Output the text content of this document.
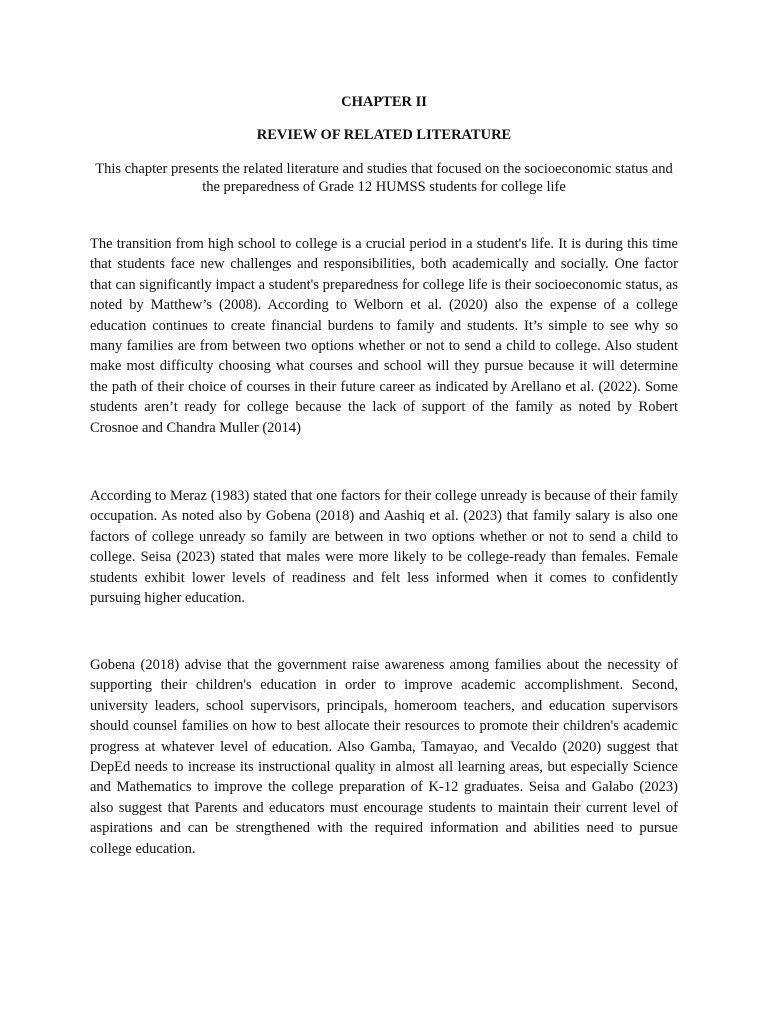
CHAPTER II
REVIEW OF RELATED LITERATURE
This chapter presents the related literature and studies that focused on the socioeconomic status and the preparedness of Grade 12 HUMSS students for college life

The transition from high school to college is a crucial period in a student's life. It is during this time that students face new challenges and responsibilities, both academically and socially. One factor that can significantly impact a student's preparedness for college life is their socioeconomic status, as noted by Matthew’s (2008). According to Welborn et al. (2020) also the expense of a college education continues to create financial burdens to family and students. It’s simple to see why so many families are from between two options whether or not to send a child to college. Also student make most difficulty choosing what courses and school will they pursue because it will determine the path of their choice of courses in their future career as indicated by Arellano et al. (2022). Some students aren’t ready for college because the lack of support of the family as noted by Robert Crosnoe and Chandra Muller (2014)

According to Meraz (1983) stated that one factors for their college unready is because of their family occupation. As noted also by Gobena (2018) and Aashiq et al. (2023) that family salary is also one factors of college unready so family are between in two options whether or not to send a child to college. Seisa (2023) stated that males were more likely to be college-ready than females. Female students exhibit lower levels of readiness and felt less informed when it comes to confidently pursuing higher education.

Gobena (2018) advise that the government raise awareness among families about the necessity of supporting their children's education in order to improve academic accomplishment. Second, university leaders, school supervisors, principals, homeroom teachers, and education supervisors should counsel families on how to best allocate their resources to promote their children's academic progress at whatever level of education. Also Gamba, Tamayao, and Vecaldo (2020) suggest that DepEd needs to increase its instructional quality in almost all learning areas, but especially Science and Mathematics to improve the college preparation of K-12 graduates. Seisa and Galabo (2023) also suggest that Parents and educators must encourage students to maintain their current level of aspirations and can be strengthened with the required information and abilities need to pursue college education.
